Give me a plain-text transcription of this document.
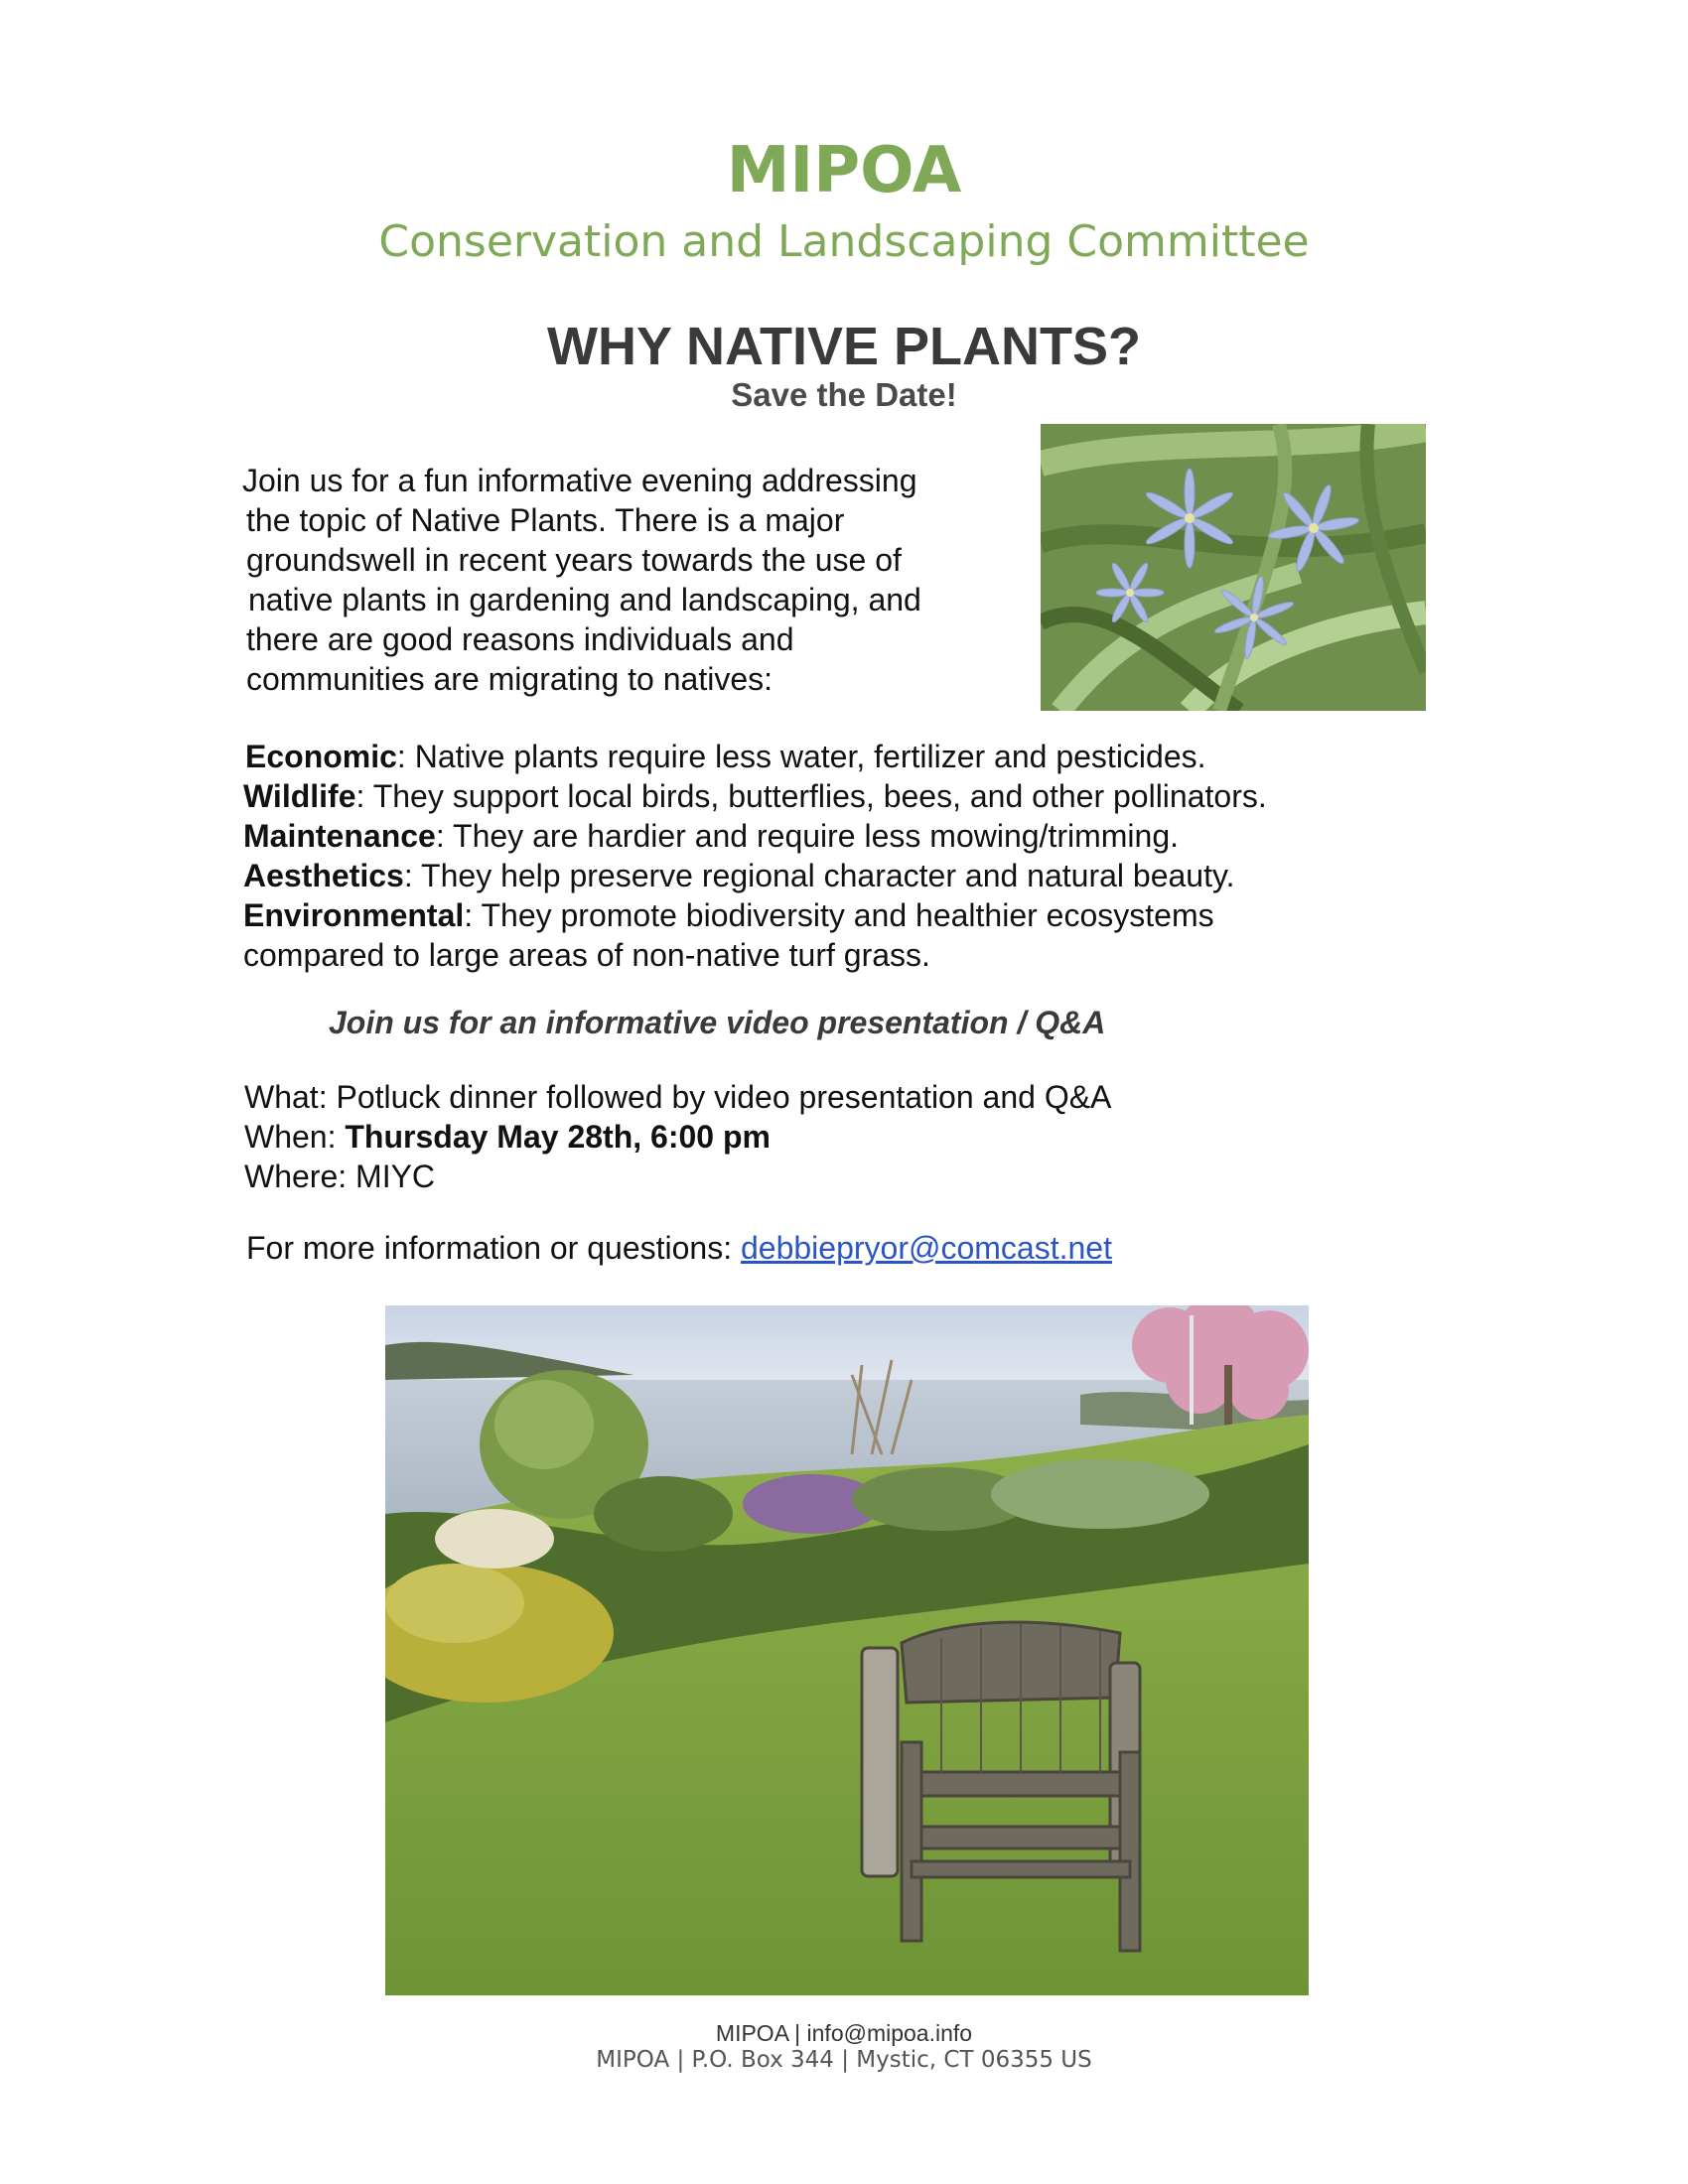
MIPOA
Conservation and Landscaping Committee
WHY NATIVE PLANTS?
Save the Date!
Join us for a fun informative evening addressing
the topic of Native Plants. There is a major
groundswell in recent years towards the use of
native plants in gardening and landscaping, and
there are good reasons individuals and
communities are migrating to natives:
Economic: Native plants require less water, fertilizer and pesticides.
Wildlife: They support local birds, butterflies, bees, and other pollinators.
Maintenance: They are hardier and require less mowing/trimming.
Aesthetics: They help preserve regional character and natural beauty.
Environmental: They promote biodiversity and healthier ecosystems
compared to large areas of non-native turf grass.
Join us for an informative video presentation / Q&A
What: Potluck dinner followed by video presentation and Q&A
When: Thursday May 28th, 6:00 pm
Where: MIYC
For more information or questions: debbiepryor@comcast.net
MIPOA | info@mipoa.info
MIPOA | P.O. Box 344 | Mystic, CT 06355 US
